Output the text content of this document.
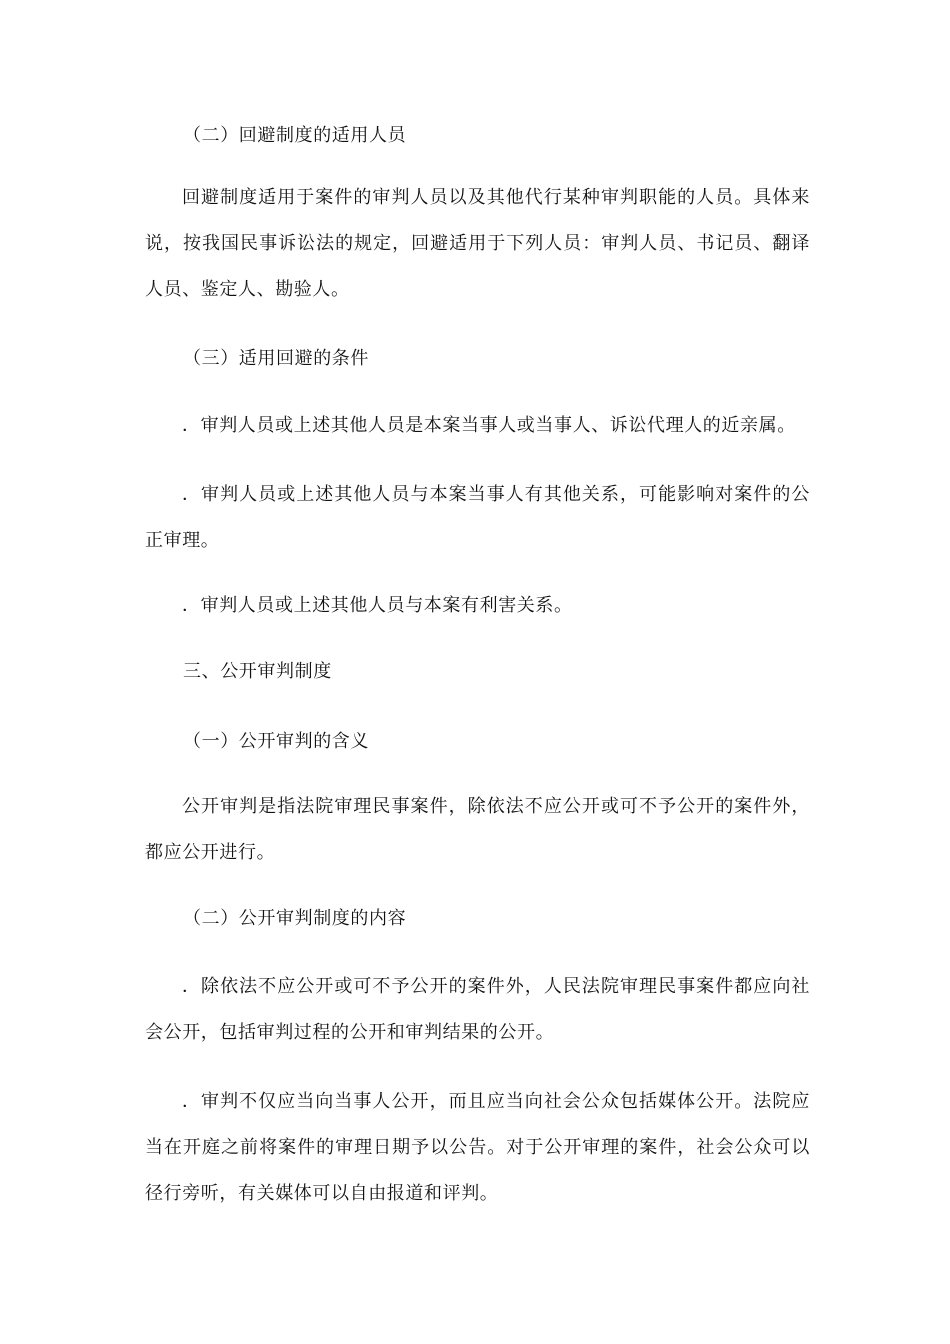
（二）回避制度的适用人员
回避制度适用于案件的审判人员以及其他代行某种审判职能的人员。具体来说，按我国民事诉讼法的规定，回避适用于下列人员：审判人员、书记员、翻译人员、鉴定人、勘验人。
（三）适用回避的条件
．审判人员或上述其他人员是本案当事人或当事人、诉讼代理人的近亲属。
．审判人员或上述其他人员与本案当事人有其他关系，可能影响对案件的公正审理。
．审判人员或上述其他人员与本案有利害关系。
三、公开审判制度
（一）公开审判的含义
公开审判是指法院审理民事案件，除依法不应公开或可不予公开的案件外，都应公开进行。
（二）公开审判制度的内容
．除依法不应公开或可不予公开的案件外，人民法院审理民事案件都应向社会公开，包括审判过程的公开和审判结果的公开。
．审判不仅应当向当事人公开，而且应当向社会公众包括媒体公开。法院应当在开庭之前将案件的审理日期予以公告。对于公开审理的案件，社会公众可以径行旁听，有关媒体可以自由报道和评判。
